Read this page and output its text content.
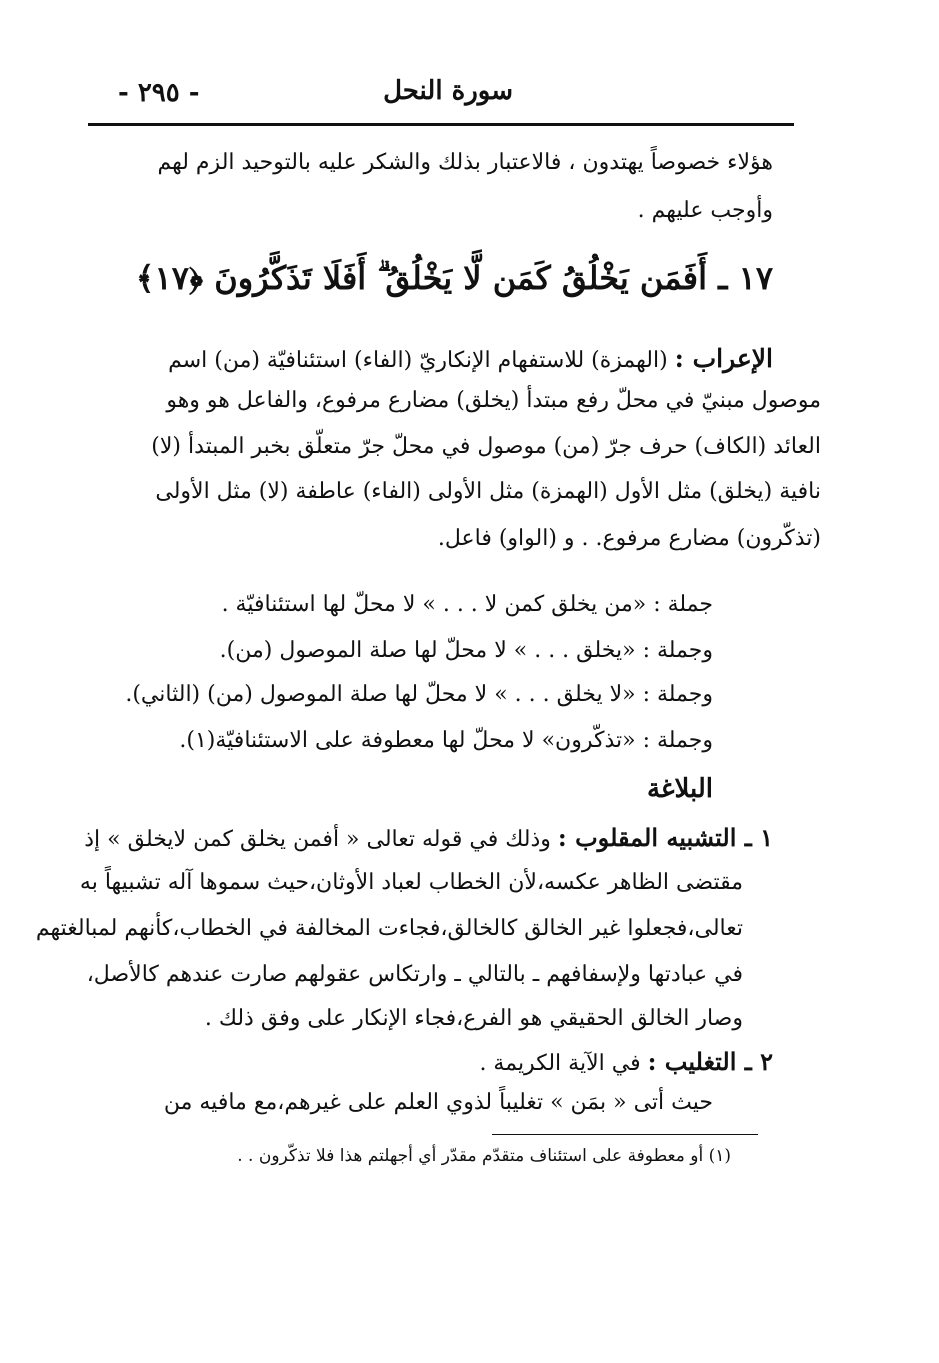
سورة النحل
- ٢٩٥ -
هؤلاء خصوصاً يهتدون ، فالاعتبار بذلك والشكر عليه بالتوحيد الزم لهم
وأوجب عليهم .
١٧ ـ أَفَمَن يَخْلُقُ كَمَن لَّا يَخْلُقُ ۗ أَفَلَا تَذَكَّرُونَ ﴿١٧﴾
الإعراب : (الهمزة) للاستفهام الإنكاريّ (الفاء) استئنافيّة (من) اسم
موصول مبنيّ في محلّ رفع مبتدأ (يخلق) مضارع مرفوع، والفاعل هو وهو
العائد (الكاف) حرف جرّ (من) موصول في محلّ جرّ متعلّق بخبر المبتدأ (لا)
نافية (يخلق) مثل الأول (الهمزة) مثل الأولى (الفاء) عاطفة (لا) مثل الأولى
(تذكّرون) مضارع مرفوع. . و (الواو) فاعل.
جملة : «من يخلق كمن لا . . . » لا محلّ لها استئنافيّة .
وجملة : «يخلق . . . » لا محلّ لها صلة الموصول (من).
وجملة : «لا يخلق . . . » لا محلّ لها صلة الموصول (من) (الثاني).
وجملة : «تذكّرون» لا محلّ لها معطوفة على الاستئنافيّة(١).
البلاغة
١ ـ التشبيه المقلوب : وذلك في قوله تعالى « أفمن يخلق كمن لايخلق » إذ
مقتضى الظاهر عكسه،لأن الخطاب لعباد الأوثان،حيث سموها آله تشبيهاً به
تعالى،فجعلوا غير الخالق كالخالق،فجاءت المخالفة في الخطاب،كأنهم لمبالغتهم
في عبادتها ولإسفافهم ـ بالتالي ـ وارتكاس عقولهم صارت عندهم كالأصل،
وصار الخالق الحقيقي هو الفرع،فجاء الإنكار على وفق ذلك .
٢ ـ التغليب : في الآية الكريمة .
حيث أتى « بمَن » تغليباً لذوي العلم على غيرهم،مع مافيه من
(١) أو معطوفة على استئناف متقدّم مقدّر أي أجهلتم هذا فلا تذكّرون . .
